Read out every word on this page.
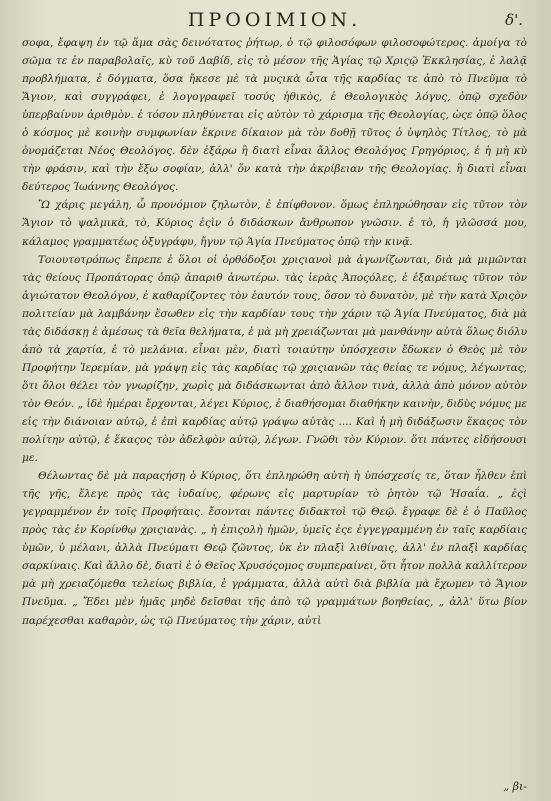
ΠΡΟΟΙΜΙΟΝ.	δ'.

σοφα, ἔφαψη ἐν τῷ ἅμα σὰς δεινότατος ῥήτωρ, ὁ τῷ φιλοσόφων φιλοσοφώτερος. ἀμοίγα τὸ σῶμα τε ἐν παραβολαῖς, κὺ τοῦ Δαβίδ, εἰς τὸ μέσον τῆς Ἁγίας τῷ Χριςῷ Ἐκκλησίας, ἐ λαλᾷ προβλήματα, ἐ δόγματα, ὅσα ἤκεσε μὲ τὰ μυςικὰ ὦτα τῆς καρδίας τε ἀπὸ τὸ Πνεῦμα τὸ Ἅγιον, καὶ συγγράφει, ἐ λογογραφεῖ τοσύς ἠθικὸς, ἐ Θεολογικὸς λόγυς, ὁπῷ σχεδὸν ὑπερβαίνυν ἀριθμὸν. ἐ τόσον πληθύνεται εἰς αὐτὸν τὸ χάρισμα τῆς Θεολογίας, ὡςε ὁπῷ ὅλος ὁ κόσμος μὲ κοινὴν συμφωνίαν ἔκρινε δίκαιον μὰ τὸν δοθῇ τῦτος ὁ ὑψηλὸς Τίτλος, τὸ μὰ ὀνομάζεται Νέος Θεολόγος. δὲν ἐξάρω ἢ διατὶ εἶναι ἄλλος Θεολόγος Γρηγόριος, ἐ ἡ μὴ κὺ τὴν φράσιν, καὶ τὴν ἔξω σοφίαν, ἀλλ' ὅν κατὰ τὴν ἀκρίβειαν τῆς Θεολογίας. ἢ διατὶ εἶναι δεύτερος Ἰωάννης Θεολόγος.

Ὢ χάρις μεγάλη, ὦ προνόμιον ζηλωτὸν, ἐ ἐπίφθονον. ὅμως ἐπληρώθησαν εἰς τῦτον τὸν Ἅγιον τὸ ψαλμικὰ, τὸ, Κύριος ἐςὶν ὁ διδάσκων ἄνθρωπον γνῶσιν. ἐ τὸ, ἡ γλῶσσά μου, κάλαμος γραμματέως ὀξυγράφυ, ἤγυν τῷ Ἁγία Πνεύματος ὁπῷ τὴν κινᾷ.

Τοιουτοτρόπως ἔπρεπε ἐ ὅλοι οἱ ὀρθόδοξοι χριςιανοὶ μὰ ἀγωνίζωνται, διὰ μὰ μιμῶνται τὰς θείους Προπάτορας ὁπῷ ἀπαριθ ἀνωτέρω. τὰς ἱερὰς Ἀποςόλες, ἐ ἐξαιρέτως τῦτον τὸν ἁγιώτατον Θεολόγον, ἐ καθαρίζοντες τὸν ἑαυτόν τους, ὅσον τὸ δυνατὸν, μὲ τὴν κατὰ Χριςὸν πολιτείαν μὰ λαμβάνην ἔσωθεν εἰς τὴν καρδίαν τους τὴν χάριν τῷ Ἁγία Πνεύματος, διὰ μὰ τὰς διδάσκῃ ἐ ἀμέσως τὰ θεῖα θελήματα, ἐ μὰ μὴ χρειάζωνται μὰ μανθάνην αὐτὰ ὅλως διόλυ ἀπὸ τὰ χαρτία, ἐ τὸ μελάνια. εἶναι μὲν, διατὶ τοιαύτην ὑπόσχεσιν ἔδωκεν ὁ Θεὸς μὲ τὸν Προφήτην Ἱερεμίαν, μὰ γράψῃ εἰς τὰς καρδίας τῷ χριςιανῶν τὰς θείας τε νόμυς, λέγωντας, ὅτι ὅλοι θέλει τὸν γνωρίζην, χωρὶς μὰ διδάσκωνται ἀπὸ ἄλλον τινὰ, ἀλλὰ ἀπὸ μόνον αὐτὸν τὸν Θεόν. „ ἰδὲ ἡμέραι ἔρχονται, λέγει Κύριος, ἐ διαθήσομαι διαθήκην καινὴν, διδὺς νόμυς με εἰς τὴν διάνοιαν αὐτῷ, ἐ ἐπὶ καρδίας αὐτῷ γράψω αὐτὰς .... Καὶ ἡ μὴ διδάξωσιν ἕκαςος τὸν πολίτην αὐτῷ, ἐ ἕκαςος τὸν ἀδελφὸν αὐτῷ, λέγων. Γνῶθι τὸν Κύριον. ὅτι πάντες εἰδήσουσι με.

Θέλωντας δὲ μὰ παραςήσῃ ὁ Κύριος, ὅτι ἐπληρώθη αὐτὴ ἡ ὑπόσχεσίς τε, ὅταν ἦλθεν ἐπὶ τῆς γῆς, ἔλεγε πρὸς τὰς ἰυδαίυς, φέρωνς εἰς μαρτυρίαν τὸ ῥητὸν τῷ Ἡσαΐα. „ ἐςὶ γεγραμμένον ἐν τοῖς Προφήταις. ἔσονται πάντες διδακτοὶ τῷ Θεῷ. ἔγραφε δὲ ἐ ὁ Παῦλος πρὸς τὰς ἐν Κορίνθῳ χριςιανὰς. „ ἡ ἐπιςολὴ ἡμῶν, ὑμεῖς ἐςε ἐγγεγραμμένη ἐν ταῖς καρδίαις ὑμῶν, ὐ μέλανι, ἀλλὰ Πνεύματι Θεῷ ζῶντος, ὐκ ἐν πλαξὶ λιθίναις, ἀλλ' ἐν πλαξὶ καρδίας σαρκίναις. Καὶ ἄλλο δὲ, διατὶ ἐ ὁ Θεῖος Χρυσόςομος συμπεραίνει, ὅτι ἦτον πολλὰ καλλίτερον μὰ μὴ χρειαζόμεθα τελείως βιβλία, ἐ γράμματα, ἀλλὰ αὐτὶ διὰ βιβλία μὰ ἔχωμεν τὸ Ἅγιον Πνεῦμα. „ Ἔδει μὲν ἡμᾶς μηδὲ δεῖσθαι τῆς ἀπὸ τῷ γραμμάτων βοηθείας, „ ἀλλ' ὕτω βίον παρέχεσθαι καθαρὸν, ὡς τῷ Πνεύματος τὴν χάριν, αὐτὶ

„ βι-
